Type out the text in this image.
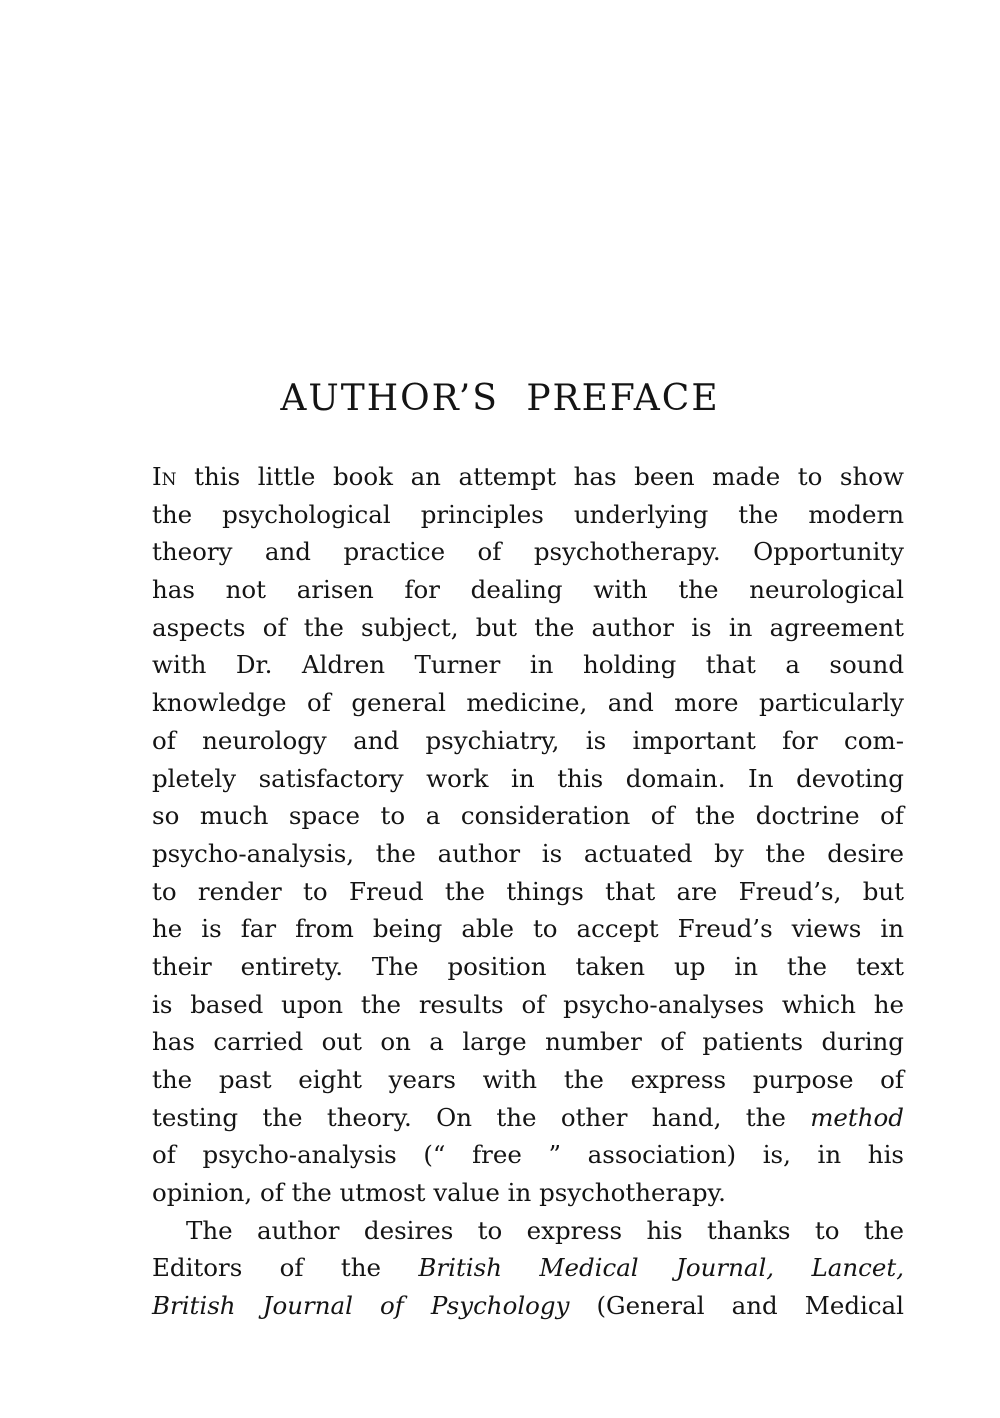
AUTHOR’S PREFACE
In this little book an attempt has been made to show
the psychological principles underlying the modern
theory and practice of psychotherapy. Opportunity
has not arisen for dealing with the neurological
aspects of the subject, but the author is in agreement
with Dr. Aldren Turner in holding that a sound
knowledge of general medicine, and more particularly
of neurology and psychiatry, is important for com-
pletely satisfactory work in this domain. In devoting
so much space to a consideration of the doctrine of
psycho-analysis, the author is actuated by the desire
to render to Freud the things that are Freud’s, but
he is far from being able to accept Freud’s views in
their entirety. The position taken up in the text
is based upon the results of psycho-analyses which he
has carried out on a large number of patients during
the past eight years with the express purpose of
testing the theory. On the other hand, the method
of psycho-analysis (“ free ” association) is, in his
opinion, of the utmost value in psychotherapy.
The author desires to express his thanks to the
Editors of the British Medical Journal, Lancet,
British Journal of Psychology (General and Medical
